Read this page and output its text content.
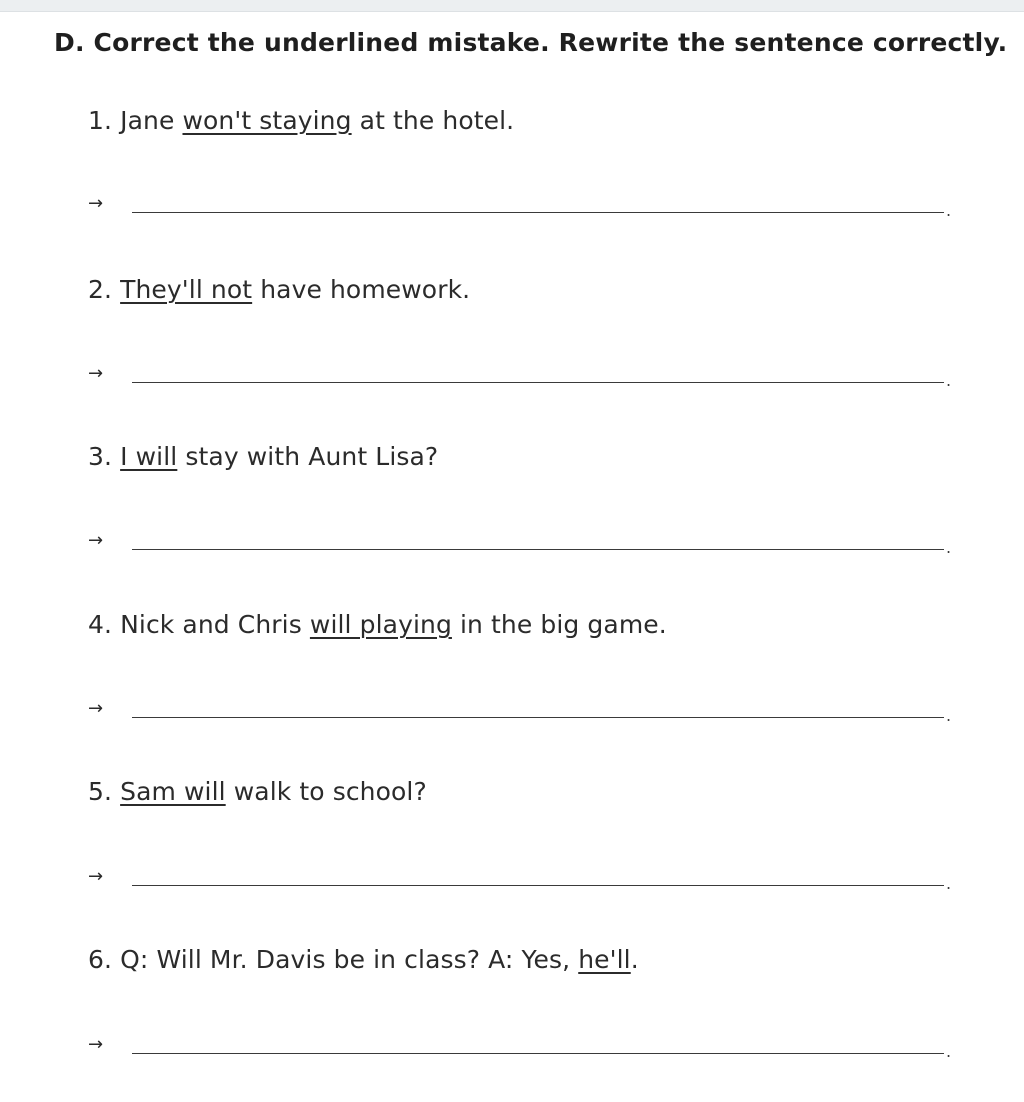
D. Correct the underlined mistake. Rewrite the sentence correctly.
1. Jane won't staying at the hotel.
→	.
2. They'll not have homework.
→	.
3. I will stay with Aunt Lisa?
→	.
4. Nick and Chris will playing in the big game.
→	.
5. Sam will walk to school?
→	.
6. Q: Will Mr. Davis be in class? A: Yes, he'll.
→	.
